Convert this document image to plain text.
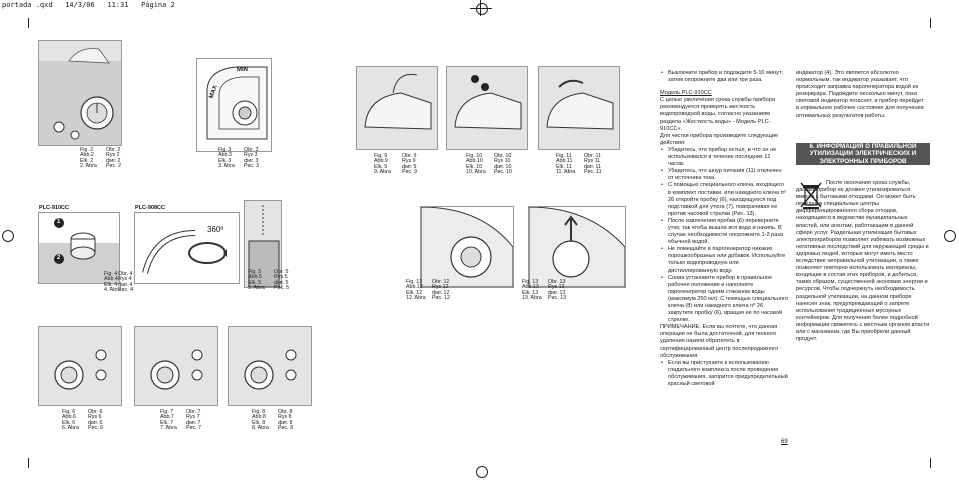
portada .qxd   14/3/06   11:31   Página 2
Fig. 2
Abb.2
Elk. 2
2. Άbra
Obr. 2
Rys 2
фиг. 2
Рис. 2
MIN
MAX
Fig. 3
Abb.3
Elk. 3
3. Άbra
Obr. 3
Rys 3
фиг. 3
Рис. 3
PLC-910CC
1
2
Fig. 4
Abb.4
Elk. 4
4. Άbra
Obr. 4
Rys 4
фиг. 4
Рис. 4
PLC-908CC
360º
Fig. 5
Abb.5
Elk. 5
5. Άbra
Obr. 5
Rys 5
фиг. 5
Рис. 5
Fig. 6
Abb.6
Elk. 6
6. Άbra
Obr. 6
Rys 6
фиг. 6
Рис. 6
Fig. 7
Abb.7
Elk. 7
7. Άbra
Obr. 7
Rys 7
фиг. 7
Рис. 7
Fig. 8
Abb.8
Elk. 8
8. Άbra
Obr. 8
Rys 8
фиг. 8
Рис. 8
Fig. 9
Abb.9
Elk. 9
9. Άbra
Obr. 9
Rys 9
фиг. 9
Рис. 9
Fig. 10
Abb.10
Elk. 10
10. Άbra
Obr. 10
Rys 10
фиг. 10
Рис. 10
Fig. 11
Abb.11
Elk. 11
11. Άbra
Obr. 11
Rys 11
фиг. 11
Рис. 11
Fig. 12
Abb.12
Elk. 12
12. Άbra
Obr. 12
Rys 12
фиг. 12
Рис. 12
Fig. 13
Abb.13
Elk. 13
13. Άbra
Obr. 13
Rys 13
фиг. 13
Рис. 13
• Выключите прибор и подождите 5-10 минут; затем опорожните два или три раза.

Модель PLC-910CC

С целью увеличения срока службы прибора рекомендуется проверять жесткость водопроводной воды, согласно указаниям раздела «Жесткость воды» - Модель PLC-910CC».

Для чистки прибора произведите следующие действия:

• Убедитесь, что прибор остыл, и что он не использовался в течение последних 12 часов.
• Убедитесь, что шнур питания (11) отключен от источника тока.
• С помощью специального ключа, входящего в комплект поставки, или накидного ключа nº 26 откройте пробку (6), находящуюся под подставкой для утюга (7), поворачивая ее против часовой стрелки (Рис. 13).
• После извлечения пробки (6) переверните утюг, так чтобы вышла вся вода и накипь. В случае необходимости опорожните 1-2 раза обычной водой.
• Не помещайте в парогенератор никаких порошкообразных или добавок. Используйте только водопроводную или дистиллированную воду.
• Снова установите прибор в правильное рабочее положение и наполните парогенератор одним стаканом воды (максимум 250 мл). С помощью специального ключа (8) или накидного ключа nº 26 закрутите пробку (6), вращая ее по часовой стрелке.

ПРИМЕЧАНИЕ: Если вы почтете, что данная операция не была достаточной, для полного удаления накипи обратитесь в сертифицированный центр послепродажного обслуживания.

• Если вы приступаете к использованию гладильного комплекса после проведения обслуживания, загорится предупредительный красный световой

индикатор (4). Это является абсолютно нормальным, так индикатор указывает, что происходит заправка парогенератора водой из резервуара. Подождите несколько минут, пока световой индикатор погаснет, и прибор перейдет в нормальное рабочее состояние для получения оптимальных результатов работы.

6. ИНФОРМАЦИЯ О ПРАВИЛЬНОЙ УТИЛИЗАЦИИ ЭЛЕКТРИЧЕСКИХ И ЭЛЕКТРОННЫХ ПРИБОРОВ

После окончания срока службы, данный прибор не должен утилизироваться вместе с бытовыми отходами. Он может быть передан в специальные центры дифференцированного сбора отходов, находящиеся в ведомстве муниципальных властей, или агентам, работающим в данной сфере услуг. Раздельная утилизация бытовых электроприборов позволяет избежать возможных негативных последствий для окружающей среды и здоровья людей, которые могут иметь место вследствие неправильной утилизации, а также позволяет повторно использовать материалы, входящие в состав этих приборов, и добиться, таким образом, существенной экономии энергии и ресурсов. Чтобы подчеркнуть необходимость раздельной утилизации, на данном приборе нанесен знак, предупреждающий о запрете использования традиционных мусорных контейнеров. Для получения более подробной информации свяжитесь с местным органом власти или с магазином, где Вы приобрели данный продукт.

69
